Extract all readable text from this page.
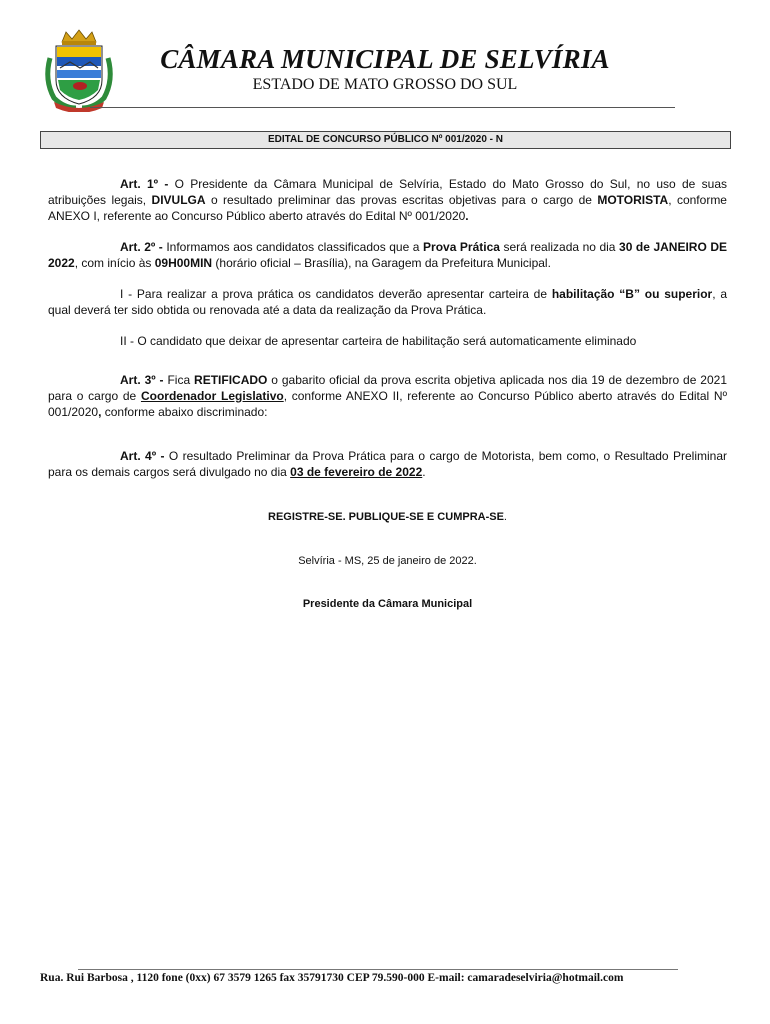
CÂMARA MUNICIPAL DE SELVÍRIA
ESTADO DE MATO GROSSO DO SUL
EDITAL DE CONCURSO PÚBLICO Nº 001/2020 - N
Art. 1º - O Presidente da Câmara Municipal de Selvíria, Estado do Mato Grosso do Sul, no uso de suas atribuições legais, DIVULGA o resultado preliminar das provas escritas objetivas para o cargo de MOTORISTA, conforme ANEXO I, referente ao Concurso Público aberto através do Edital Nº 001/2020.
Art. 2º - Informamos aos candidatos classificados que a Prova Prática será realizada no dia 30 de JANEIRO DE 2022, com início às 09H00MIN (horário oficial – Brasília), na Garagem da Prefeitura Municipal.
I - Para realizar a prova prática os candidatos deverão apresentar carteira de habilitação “B” ou superior, a qual deverá ter sido obtida ou renovada até a data da realização da Prova Prática.
II - O candidato que deixar de apresentar carteira de habilitação será automaticamente eliminado
Art. 3º - Fica RETIFICADO o gabarito oficial da prova escrita objetiva aplicada nos dia 19 de dezembro de 2021 para o cargo de Coordenador Legislativo, conforme ANEXO II, referente ao Concurso Público aberto através do Edital Nº 001/2020, conforme abaixo discriminado:
Art. 4º - O resultado Preliminar da Prova Prática para o cargo de Motorista, bem como, o Resultado Preliminar para os demais cargos será divulgado no dia 03 de fevereiro de 2022.
REGISTRE-SE. PUBLIQUE-SE E CUMPRA-SE.
Selvíria - MS, 25 de janeiro de 2022.
Presidente da Câmara Municipal
Rua. Rui Barbosa , 1120 fone (0xx) 67 3579 1265 fax 35791730 CEP 79.590-000 E-mail: camaradeselviria@hotmail.com
